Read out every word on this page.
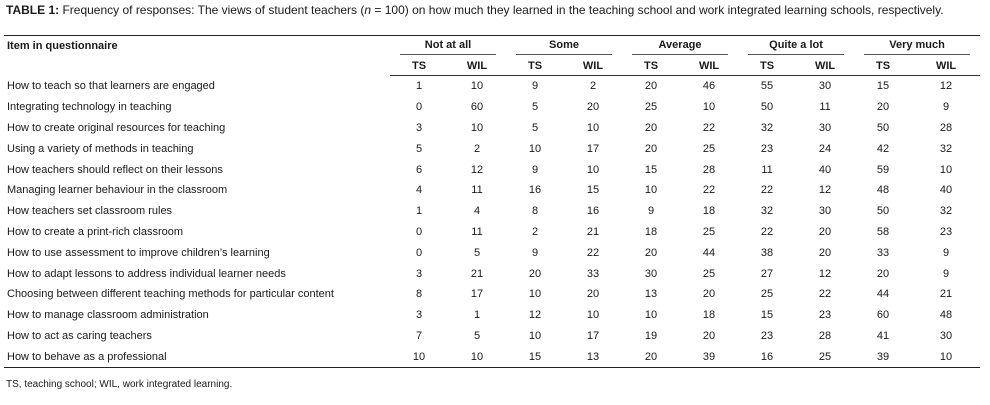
TABLE 1: Frequency of responses: The views of student teachers (n = 100) on how much they learned in the teaching school and work integrated learning schools, respectively.
Item in questionnaire	Not at all		Some		Average		Quite a lot		Very much	

	TS	WIL	TS	WIL	TS	WIL	TS	WIL	TS	WIL
How to teach so that learners are engaged	1	10	9	2	20	46	55	30	15	12
Integrating technology in teaching	0	60	5	20	25	10	50	11	20	9
How to create original resources for teaching	3	10	5	10	20	22	32	30	50	28
Using a variety of methods in teaching	5	2	10	17	20	25	23	24	42	32
How teachers should reflect on their lessons	6	12	9	10	15	28	11	40	59	10
Managing learner behaviour in the classroom	4	11	16	15	10	22	22	12	48	40
How teachers set classroom rules	1	4	8	16	9	18	32	30	50	32
How to create a print-rich classroom	0	11	2	21	18	25	22	20	58	23
How to use assessment to improve children’s learning	0	5	9	22	20	44	38	20	33	9
How to adapt lessons to address individual learner needs	3	21	20	33	30	25	27	12	20	9
Choosing between different teaching methods for particular content	8	17	10	20	13	20	25	22	44	21
How to manage classroom administration	3	1	12	10	10	18	15	23	60	48
How to act as caring teachers	7	5	10	17	19	20	23	28	41	30
How to behave as a professional	10	10	15	13	20	39	16	25	39	10
TS, teaching school; WIL, work integrated learning.
